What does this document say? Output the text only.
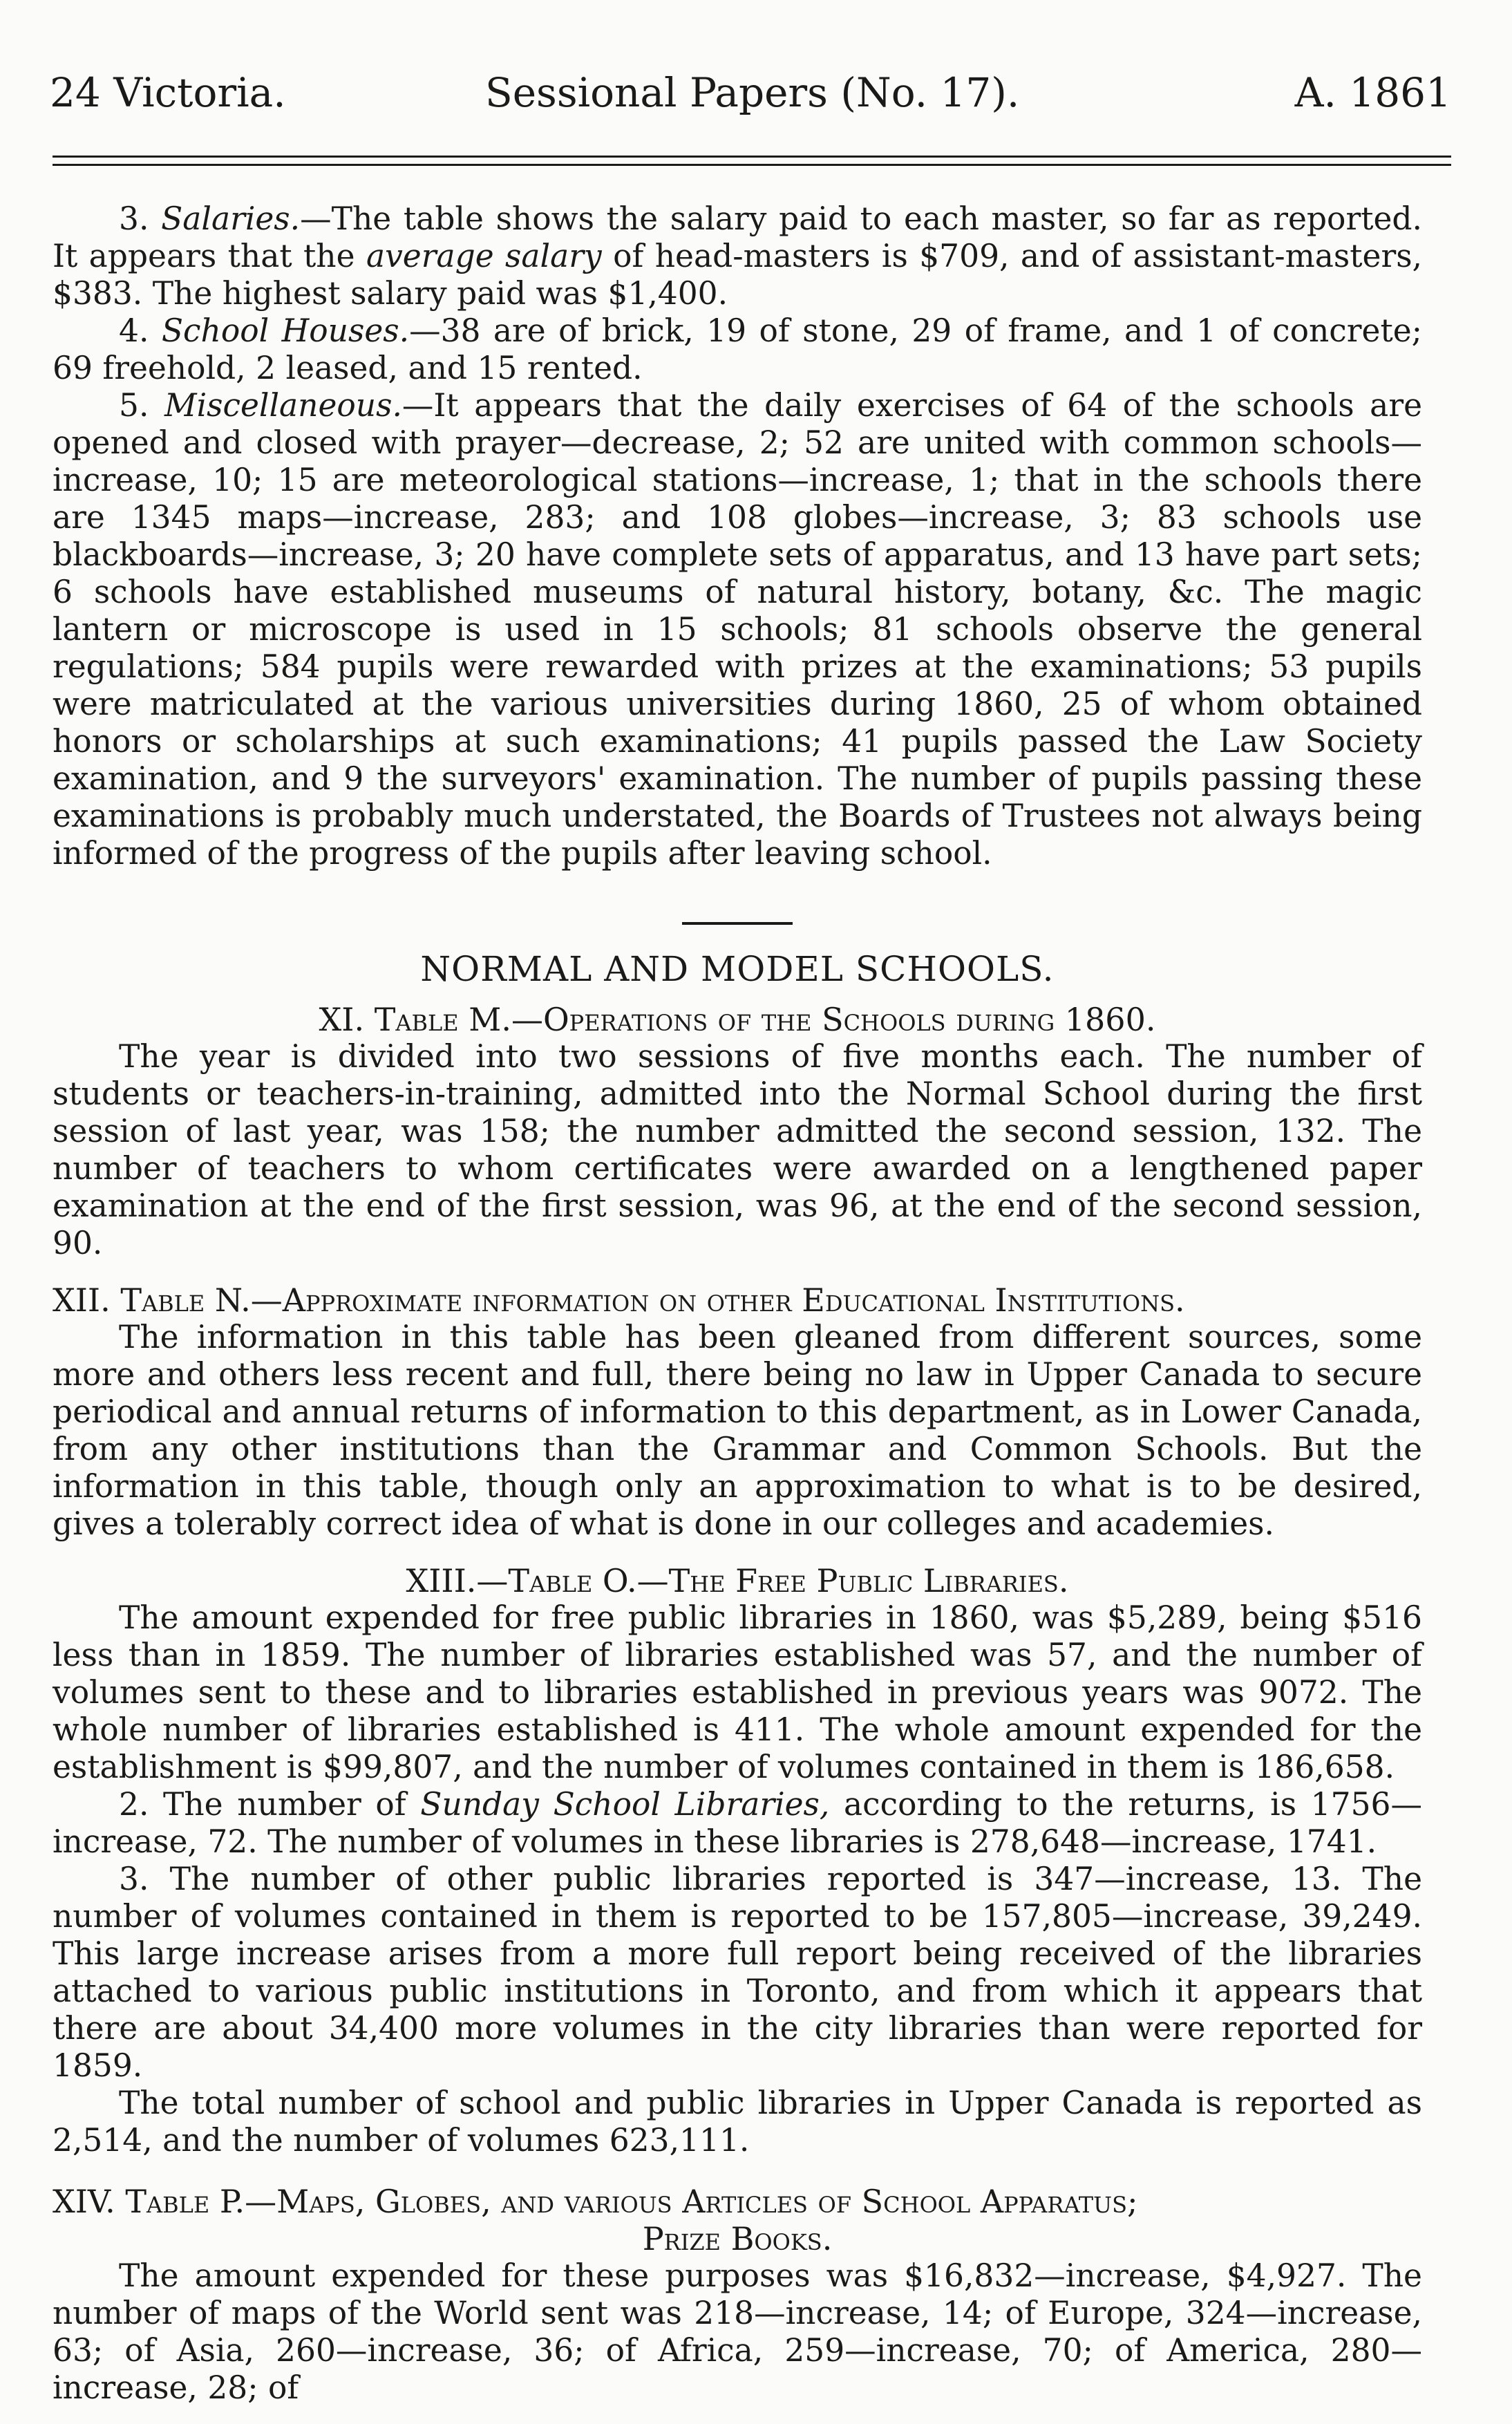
24 Victoria.	Sessional Papers (No. 17).	A. 1861

3. Salaries.—The table shows the salary paid to each master, so far as reported. It appears that the average salary of head-masters is $709, and of assistant-masters, $383. The highest salary paid was $1,400.

4. School Houses.—38 are of brick, 19 of stone, 29 of frame, and 1 of concrete; 69 freehold, 2 leased, and 15 rented.

5. Miscellaneous.—It appears that the daily exercises of 64 of the schools are opened and closed with prayer—decrease, 2; 52 are united with common schools—increase, 10; 15 are meteorological stations—increase, 1; that in the schools there are 1345 maps—increase, 283; and 108 globes—increase, 3; 83 schools use blackboards—increase, 3; 20 have complete sets of apparatus, and 13 have part sets; 6 schools have established museums of natural history, botany, &c. The magic lantern or microscope is used in 15 schools; 81 schools observe the general regulations; 584 pupils were rewarded with prizes at the examinations; 53 pupils were matriculated at the various universities during 1860, 25 of whom obtained honors or scholarships at such examinations; 41 pupils passed the Law Society examination, and 9 the surveyors' examination. The number of pupils passing these examinations is probably much understated, the Boards of Trustees not always being informed of the progress of the pupils after leaving school.

NORMAL AND MODEL SCHOOLS.
XI. Table M.—Operations of the Schools during 1860.

The year is divided into two sessions of five months each. The number of students or teachers-in-training, admitted into the Normal School during the first session of last year, was 158; the number admitted the second session, 132. The number of teachers to whom certificates were awarded on a lengthened paper examination at the end of the first session, was 96, at the end of the second session, 90.

XII. Table N.—Approximate information on other Educational Institutions.

The information in this table has been gleaned from different sources, some more and others less recent and full, there being no law in Upper Canada to secure periodical and annual returns of information to this department, as in Lower Canada, from any other institutions than the Grammar and Common Schools. But the information in this table, though only an approximation to what is to be desired, gives a tolerably correct idea of what is done in our colleges and academies.

XIII.—Table O.—The Free Public Libraries.

The amount expended for free public libraries in 1860, was $5,289, being $516 less than in 1859. The number of libraries established was 57, and the number of volumes sent to these and to libraries established in previous years was 9072. The whole number of libraries established is 411. The whole amount expended for the establishment is $99,807, and the number of volumes contained in them is 186,658.

2. The number of Sunday School Libraries, according to the returns, is 1756—increase, 72. The number of volumes in these libraries is 278,648—increase, 1741.

3. The number of other public libraries reported is 347—increase, 13. The number of volumes contained in them is reported to be 157,805—increase, 39,249. This large increase arises from a more full report being received of the libraries attached to various public institutions in Toronto, and from which it appears that there are about 34,400 more volumes in the city libraries than were reported for 1859.

The total number of school and public libraries in Upper Canada is reported as 2,514, and the number of volumes 623,111.

XIV. Table P.—Maps, Globes, and various Articles of School Apparatus;
Prize Books.

The amount expended for these purposes was $16,832—increase, $4,927. The number of maps of the World sent was 218—increase, 14; of Europe, 324—increase, 63; of Asia, 260—increase, 36; of Africa, 259—increase, 70; of America, 280—increase, 28; of
